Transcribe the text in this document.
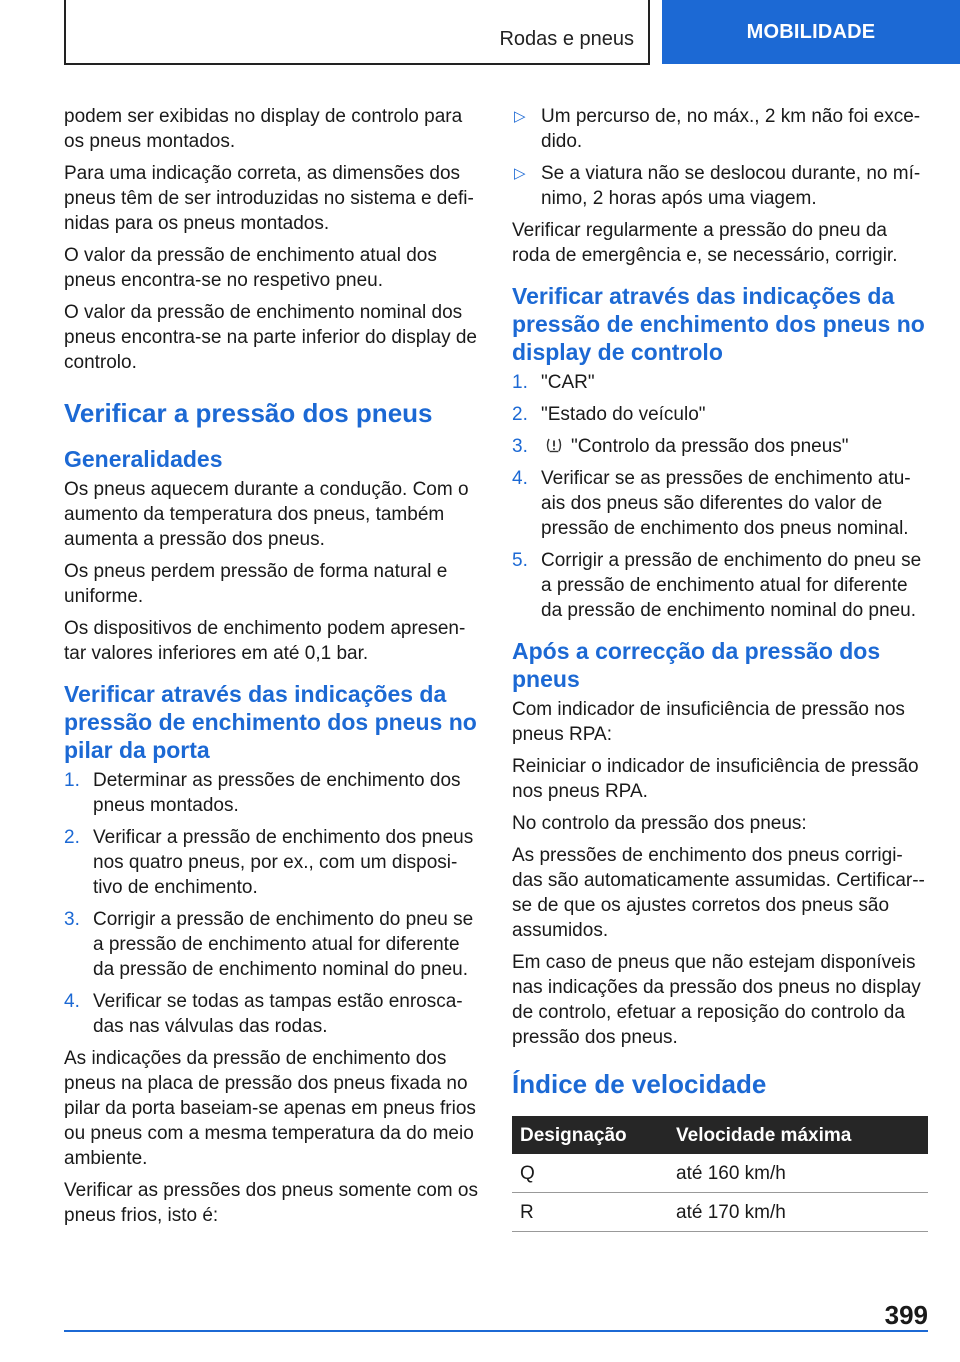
Rodas e pneus	MOBILIDADE

podem ser exibidas no display de controlo para os pneus montados.

Para uma indicação correta, as dimensões dos pneus têm de ser introduzidas no sistema e defi-nidas para os pneus montados.

O valor da pressão de enchimento atual dos pneus encontra-se no respetivo pneu.

O valor da pressão de enchimento nominal dos pneus encontra-se na parte inferior do display de controlo.

Verificar a pressão dos pneus
Generalidades

Os pneus aquecem durante a condução. Com o aumento da temperatura dos pneus, também aumenta a pressão dos pneus.

Os pneus perdem pressão de forma natural e uniforme.

Os dispositivos de enchimento podem apresen-tar valores inferiores em até 0,1 bar.

Verificar através das indicações da pressão de enchimento dos pneus no pilar da porta
1. Determinar as pressões de enchimento dos pneus montados.
2. Verificar a pressão de enchimento dos pneus nos quatro pneus, por ex., com um disposi-tivo de enchimento.
3. Corrigir a pressão de enchimento do pneu se a pressão de enchimento atual for diferente da pressão de enchimento nominal do pneu.
4. Verificar se todas as tampas estão enrosca-das nas válvulas das rodas.

As indicações da pressão de enchimento dos pneus na placa de pressão dos pneus fixada no pilar da porta baseiam-se apenas em pneus frios ou pneus com a mesma temperatura da do meio ambiente.

Verificar as pressões dos pneus somente com os pneus frios, isto é:

▷ Um percurso de, no máx., 2 km não foi exce-dido.
▷ Se a viatura não se deslocou durante, no mí-nimo, 2 horas após uma viagem.

Verificar regularmente a pressão do pneu da roda de emergência e, se necessário, corrigir.

Verificar através das indicações da pressão de enchimento dos pneus no display de controlo
1. "CAR"
2. "Estado do veículo"
3. "Controlo da pressão dos pneus"
4. Verificar se as pressões de enchimento atu-ais dos pneus são diferentes do valor de pressão de enchimento dos pneus nominal.
5. Corrigir a pressão de enchimento do pneu se a pressão de enchimento atual for diferente da pressão de enchimento nominal do pneu.
Após a correcção da pressão dos pneus

Com indicador de insuficiência de pressão nos pneus RPA:

Reiniciar o indicador de insuficiência de pressão nos pneus RPA.

No controlo da pressão dos pneus:

As pressões de enchimento dos pneus corrigi-das são automaticamente assumidas. Certificar--se de que os ajustes corretos dos pneus são assumidos.

Em caso de pneus que não estejam disponíveis nas indicações da pressão dos pneus no display de controlo, efetuar a reposição do controlo da pressão dos pneus.

Índice de velocidade
Designação	Velocidade máxima
Q	até 160 km/h
R	até 170 km/h
399
